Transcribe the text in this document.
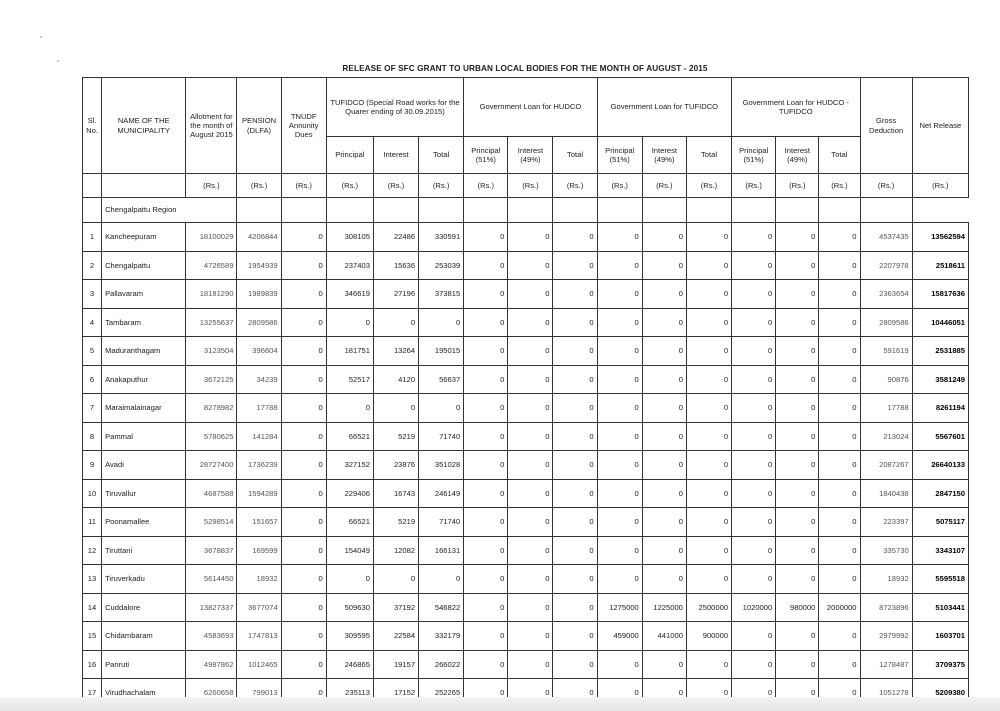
RELEASE OF SFC GRANT TO URBAN LOCAL BODIES FOR THE MONTH OF AUGUST - 2015
Sl. No.	NAME OF THE MUNICIPALITY	Allotment for the month of August 2015	PENSION (DLFA)	TNUDF Annunity Dues	TUFIDCO (Special Road works for the Quarer ending of 30.09.2015)			Government Loan for HUDCO			Government Loan for TUFIDCO			Government Loan for HUDCO - TUFIDCO			Gross Deduction	Net Release
					Principal	Interest	Total	Principal (51%)	Interest (49%)	Total	Principal (51%)	Interest (49%)	Total	Principal (51%)	Interest (49%)	Total		
		(Rs.)	(Rs.)	(Rs.)	(Rs.)	(Rs.)	(Rs.)	(Rs.)	(Rs.)	(Rs.)	(Rs.)	(Rs.)	(Rs.)	(Rs.)	(Rs.)	(Rs.)	(Rs.)	(Rs.)
	Chengalpattu Region																	
1	Kancheepuram	18100029	4206844	0	308105	22486	330591	0	0	0	0	0	0	0	0	0	4537435	13562594
2	Chengalpattu	4726589	1954939	0	237403	15636	253039	0	0	0	0	0	0	0	0	0	2207978	2518611
3	Pallavaram	18181290	1989839	0	346619	27196	373815	0	0	0	0	0	0	0	0	0	2363654	15817636
4	Tambaram	13255637	2809586	0	0	0	0	0	0	0	0	0	0	0	0	0	2809586	10446051
5	Maduranthagam	3123504	396604	0	181751	13264	195015	0	0	0	0	0	0	0	0	0	591619	2531885
6	Anakaputhur	3672125	34239	0	52517	4120	56637	0	0	0	0	0	0	0	0	0	90876	3581249
7	Maraimalainagar	8278982	17788	0	0	0	0	0	0	0	0	0	0	0	0	0	17788	8261194
8	Pammal	5780625	141284	0	66521	5219	71740	0	0	0	0	0	0	0	0	0	213024	5567601
9	Avadi	28727400	1736239	0	327152	23876	351028	0	0	0	0	0	0	0	0	0	2087267	26640133
10	Tiruvallur	4687588	1594289	0	229406	16743	246149	0	0	0	0	0	0	0	0	0	1840438	2847150
11	Poonamallee	5298514	151657	0	66521	5219	71740	0	0	0	0	0	0	0	0	0	223397	5075117
12	Tiruttani	3678837	169599	0	154049	12082	166131	0	0	0	0	0	0	0	0	0	335730	3343107
13	Tiruverkadu	5614450	18932	0	0	0	0	0	0	0	0	0	0	0	0	0	18932	5595518
14	Cuddalore	13827337	3677074	0	509630	37192	546822	0	0	0	1275000	1225000	2500000	1020000	980000	2000000	8723896	5103441
15	Chidambaram	4583693	1747813	0	309595	22584	332179	0	0	0	459000	441000	900000	0	0	0	2979992	1603701
16	Panruti	4987862	1012465	0	246865	19157	266022	0	0	0	0	0	0	0	0	0	1278487	3709375
17	Virudhachalam	6260658	799013	0	235113	17152	252265	0	0	0	0	0	0	0	0	0	1051278	5209380
